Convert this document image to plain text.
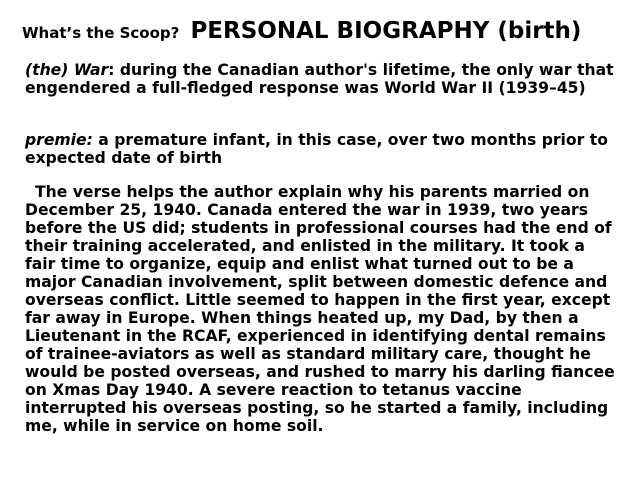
What’s the Scoop? PERSONAL BIOGRAPHY (birth)
(the) War: during the Canadian author's lifetime, the only war that engendered a full-fledged response was World War II (1939–45)
premie: a premature infant, in this case, over two months prior to expected date of birth
The verse helps the author explain why his parents married on December 25, 1940. Canada entered the war in 1939, two years before the US did; students in professional courses had the end of their training accelerated, and enlisted in the military. It took a fair time to organize, equip and enlist what turned out to be a major Canadian involvement, split between domestic defence and overseas conflict. Little seemed to happen in the first year, except far away in Europe. When things heated up, my Dad, by then a Lieutenant in the RCAF, experienced in identifying dental remains of trainee-aviators as well as standard military care, thought he would be posted overseas, and rushed to marry his darling fiancee on Xmas Day 1940. A severe reaction to tetanus vaccine interrupted his overseas posting, so he started a family, including me, while in service on home soil.
